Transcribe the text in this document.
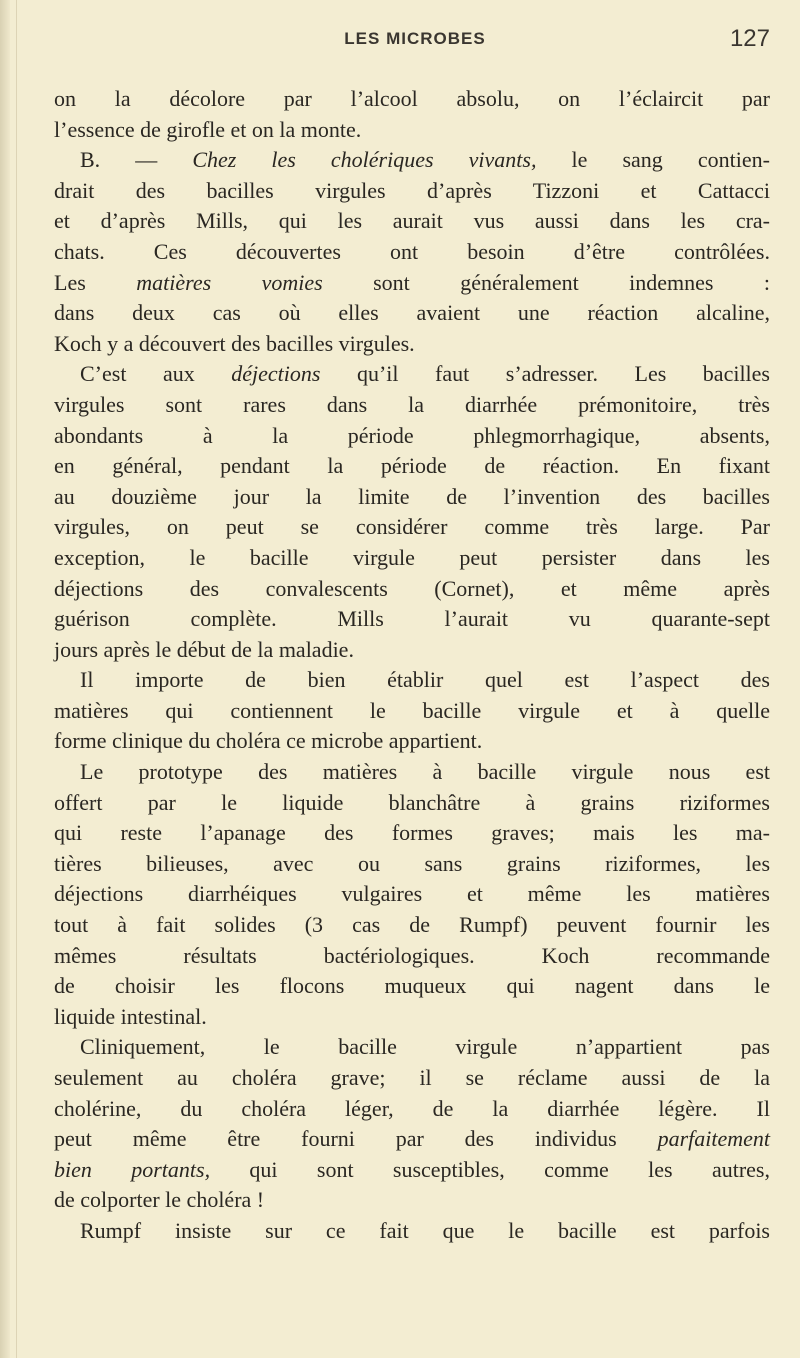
LES MICROBES	127
on la décolore par l’alcool absolu, on l’éclaircit par
l’essence de girofle et on la monte.
B. — Chez les cholériques vivants, le sang contien-
drait des bacilles virgules d’après Tizzoni et Cattacci
et d’après Mills, qui les aurait vus aussi dans les cra-
chats. Ces découvertes ont besoin d’être contrôlées.
Les matières vomies sont généralement indemnes :
dans deux cas où elles avaient une réaction alcaline,
Koch y a découvert des bacilles virgules.
C’est aux déjections qu’il faut s’adresser. Les bacilles
virgules sont rares dans la diarrhée prémonitoire, très
abondants à la période phlegmorrhagique, absents,
en général, pendant la période de réaction. En fixant
au douzième jour la limite de l’invention des bacilles
virgules, on peut se considérer comme très large. Par
exception, le bacille virgule peut persister dans les
déjections des convalescents (Cornet), et même après
guérison complète. Mills l’aurait vu quarante-sept
jours après le début de la maladie.
Il importe de bien établir quel est l’aspect des
matières qui contiennent le bacille virgule et à quelle
forme clinique du choléra ce microbe appartient.
Le prototype des matières à bacille virgule nous est
offert par le liquide blanchâtre à grains riziformes
qui reste l’apanage des formes graves; mais les ma-
tières bilieuses, avec ou sans grains riziformes, les
déjections diarrhéiques vulgaires et même les matières
tout à fait solides (3 cas de Rumpf) peuvent fournir les
mêmes résultats bactériologiques. Koch recommande
de choisir les flocons muqueux qui nagent dans le
liquide intestinal.
Cliniquement, le bacille virgule n’appartient pas
seulement au choléra grave; il se réclame aussi de la
cholérine, du choléra léger, de la diarrhée légère. Il
peut même être fourni par des individus parfaitement
bien portants, qui sont susceptibles, comme les autres,
de colporter le choléra !
Rumpf insiste sur ce fait que le bacille est parfois
